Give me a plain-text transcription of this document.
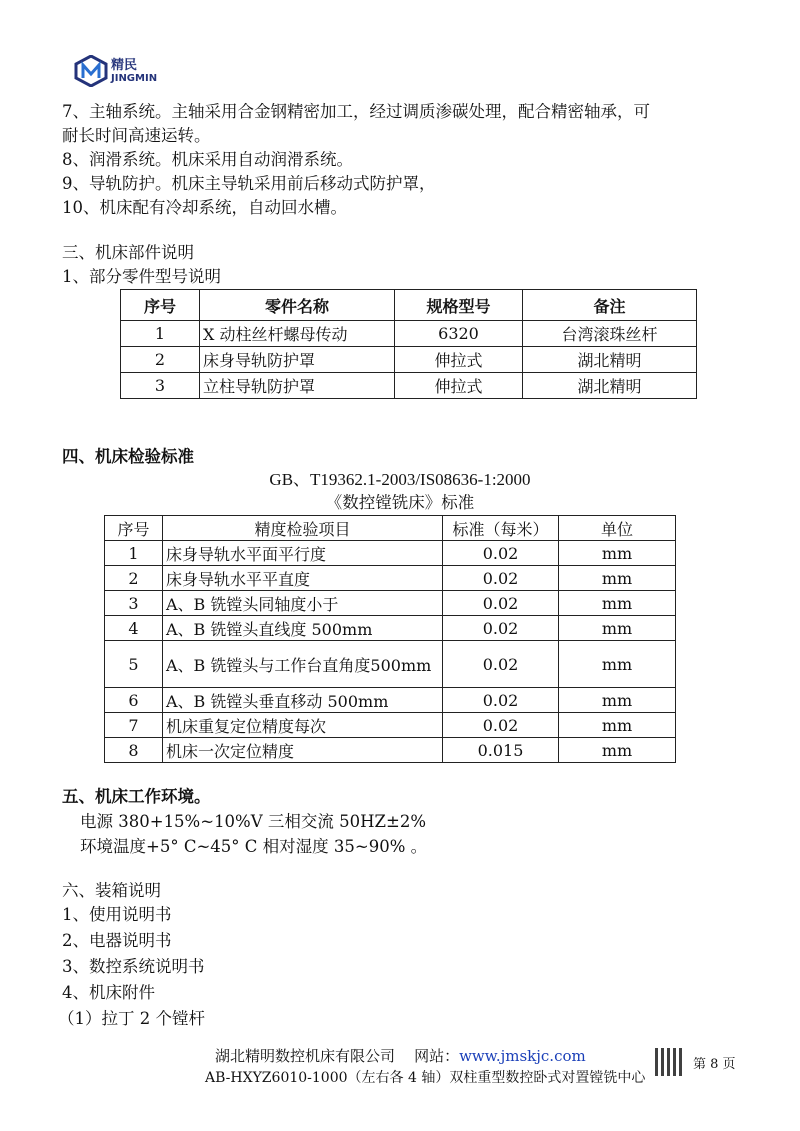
精民
JINGMIN
7、主轴系统。主轴采用合金钢精密加工，经过调质渗碳处理，配合精密轴承，可
耐长时间高速运转。
8、润滑系统。机床采用自动润滑系统。
9、导轨防护。机床主导轨采用前后移动式防护罩，
10、机床配有冷却系统，自动回水槽。
三、机床部件说明
1、部分零件型号说明
序号	零件名称	规格型号	备注
1	X 动柱丝杆螺母传动	6320	台湾滚珠丝杆
2	床身导轨防护罩	伸拉式	湖北精明
3	立柱导轨防护罩	伸拉式	湖北精明
四、机床检验标准
GB、T19362.1-2003/IS08636-1:2000
《数控镗铣床》标准
序号	精度检验项目	标准（每米）	单位
1	床身导轨水平面平行度	0.02	mm
2	床身导轨水平平直度	0.02	mm
3	A、B 铣镗头同轴度小于	0.02	mm
4	A、B 铣镗头直线度 500mm	0.02	mm
5	A、B 铣镗头与工作台直角度500mm	0.02	mm
6	A、B 铣镗头垂直移动 500mm	0.02	mm
7	机床重复定位精度每次	0.02	mm
8	机床一次定位精度	0.015	mm
五、机床工作环境。
电源 380+15%~10%V 三相交流 50HZ±2%
环境温度+5° C~45° C 相对湿度 35~90% 。
六、装箱说明
1、使用说明书
2、电器说明书
3、数控系统说明书
4、机床附件
（1）拉丁 2 个镗杆
湖北精明数控机床有限公司    网站：www.jmskjc.com
AB-HXYZ6010-1000（左右各 4 轴）双柱重型数控卧式对置镗铣中心
第 8 页
